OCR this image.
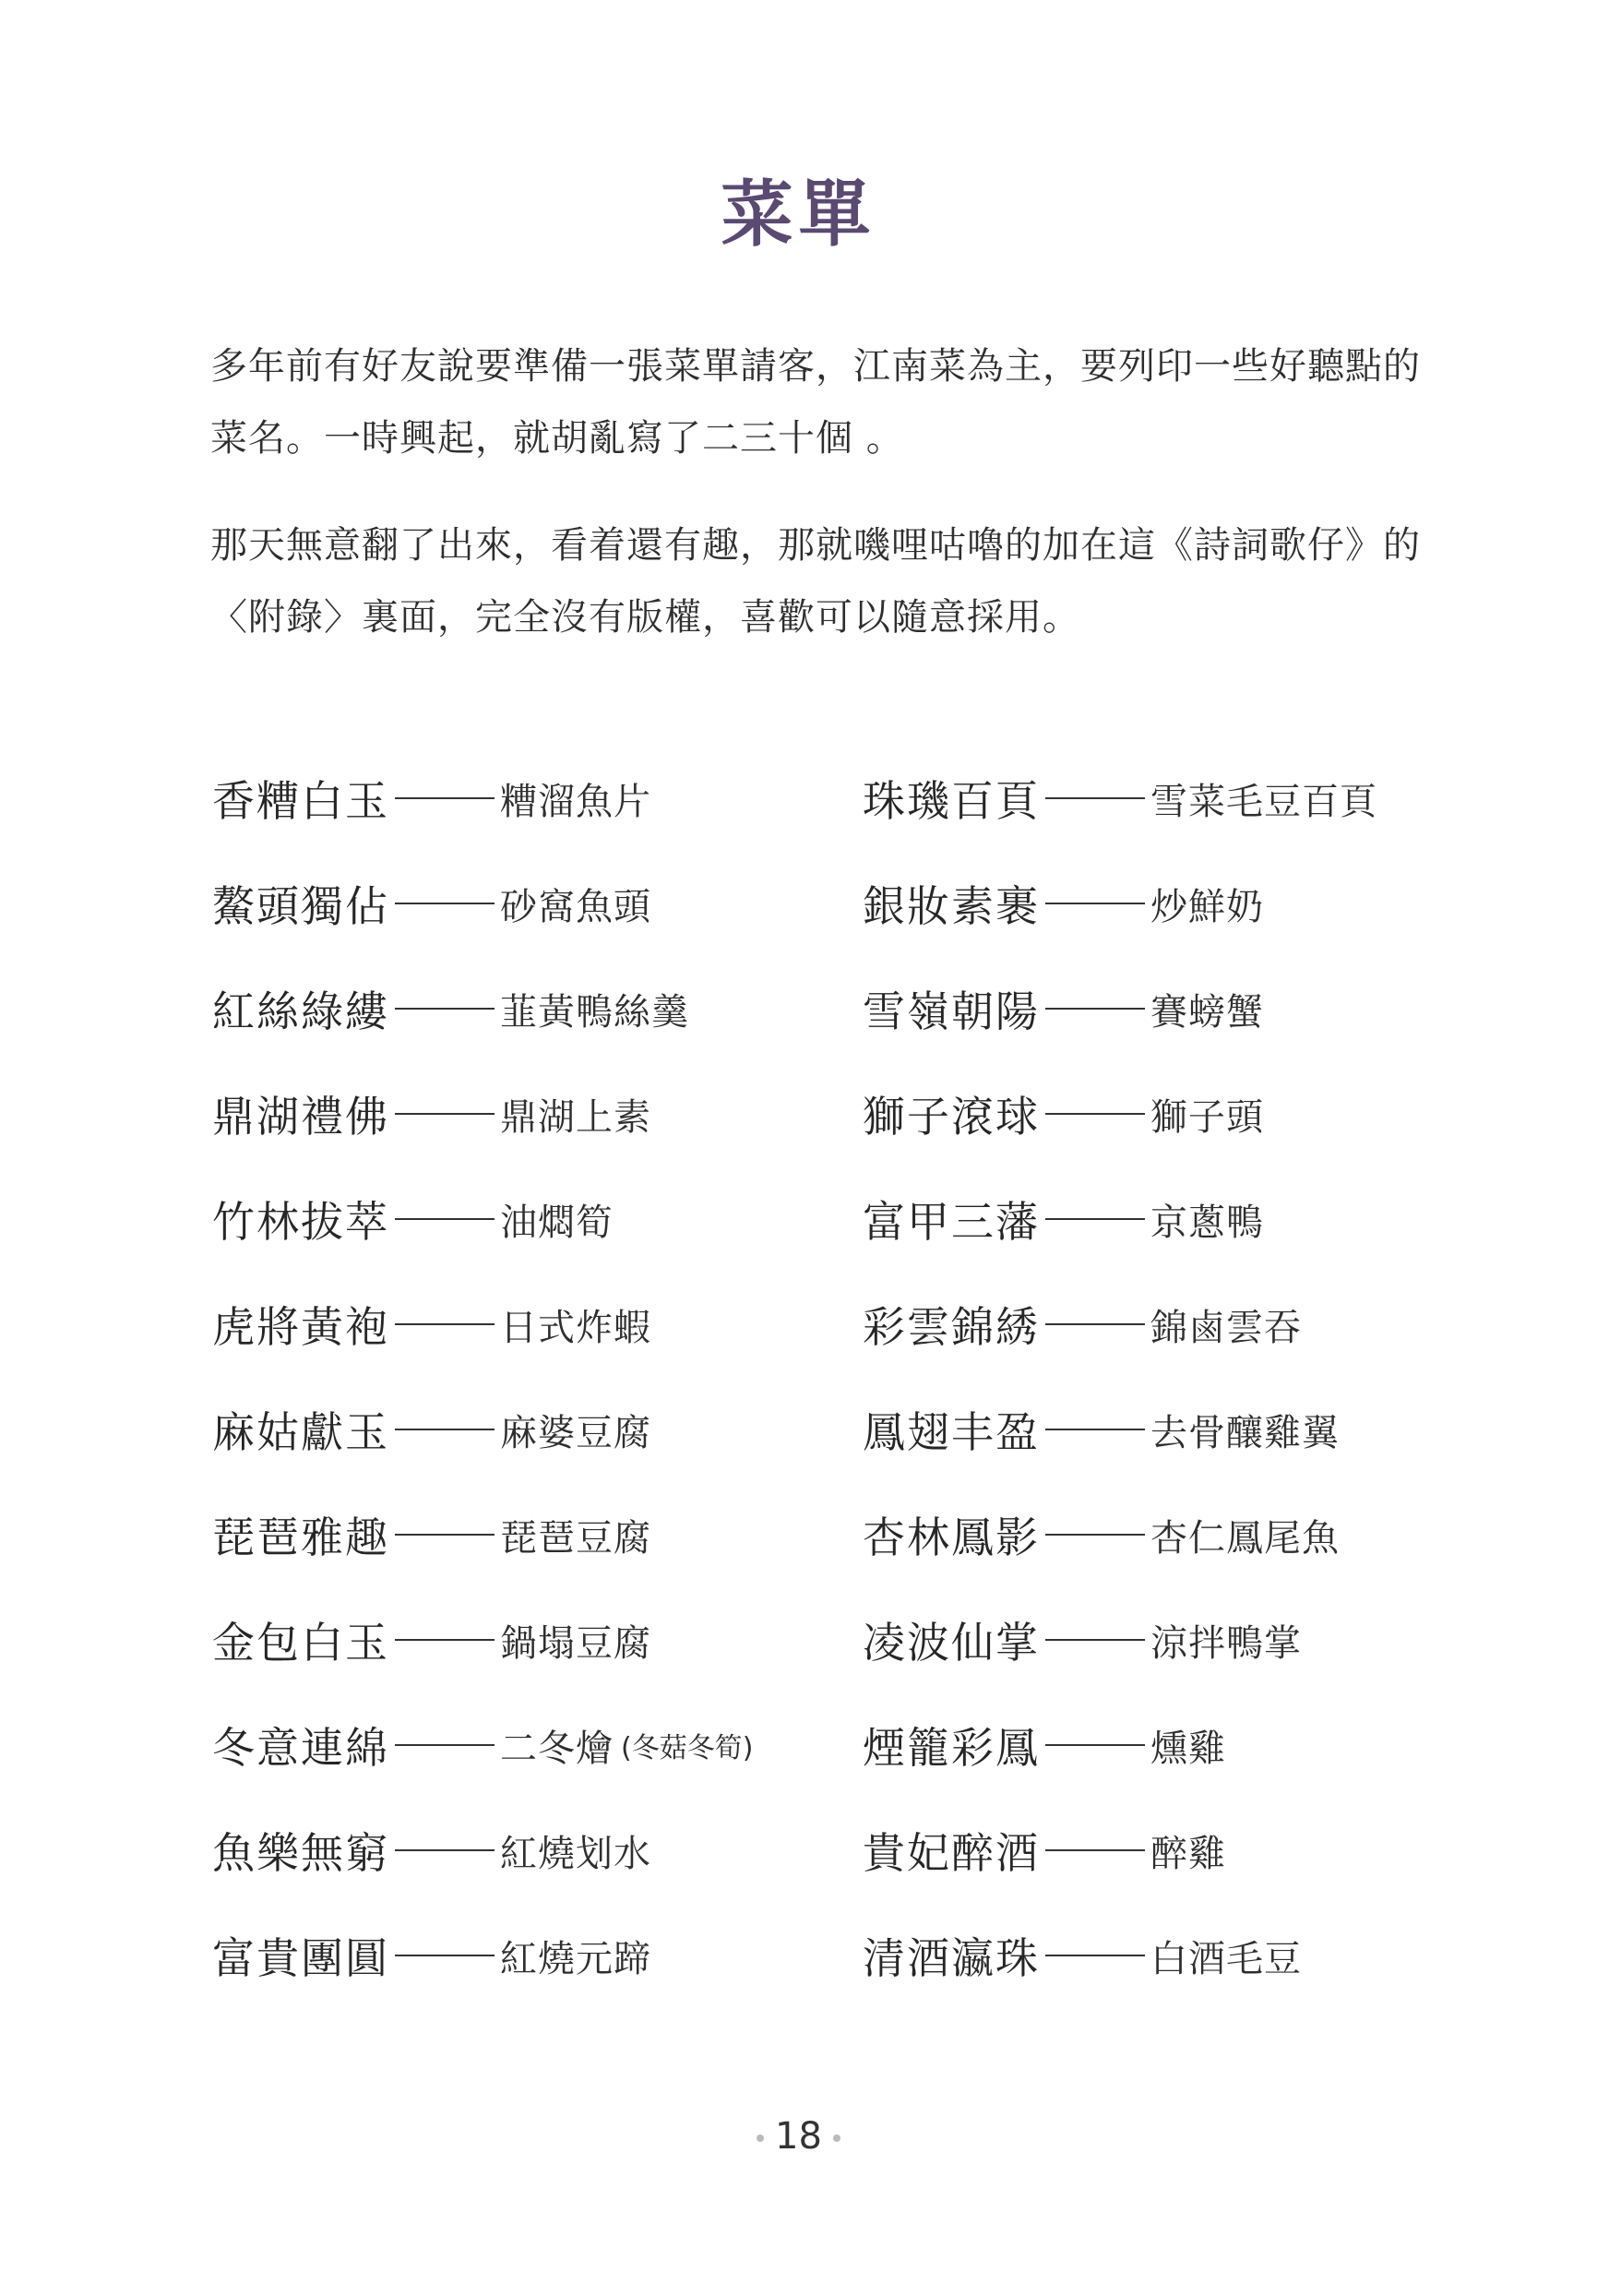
菜單
多年前有好友說要準備一張菜單請客，江南菜為主，要列印一些好聽點的菜名。一時興起，就胡亂寫了二三十個 。
那天無意翻了出來，看着還有趣，那就嘰哩咕嚕的加在這《詩詞歌仔》的〈附錄〉裏面，完全沒有版權，喜歡可以隨意採用。
香糟白玉	糟溜魚片
鰲頭獨佔	砂窩魚頭
紅絲綠縷	韮黃鴨絲羹
鼎湖禮佛	鼎湖上素
竹林拔萃	油燜筍
虎將黃袍	日式炸蝦
麻姑獻玉	麻婆豆腐
琵琶雅趣	琵琶豆腐
金包白玉	鍋塌豆腐
冬意連綿	二冬燴 (冬菇冬筍)
魚樂無窮	紅燒划水
富貴團圓	紅燒元蹄
珠璣百頁	雪菜毛豆百頁
銀妝素裹	炒鮮奶
雪嶺朝陽	賽螃蟹
獅子滾球	獅子頭
富甲三藩	京蔥鴨
彩雲錦綉	錦鹵雲吞
鳳翅丰盈	去骨釀雞翼
杏林鳳影	杏仁鳳尾魚
凌波仙掌	涼拌鴨掌
煙籠彩鳳	燻雞
貴妃醉酒	醉雞
清酒瀛珠	白酒毛豆
18
